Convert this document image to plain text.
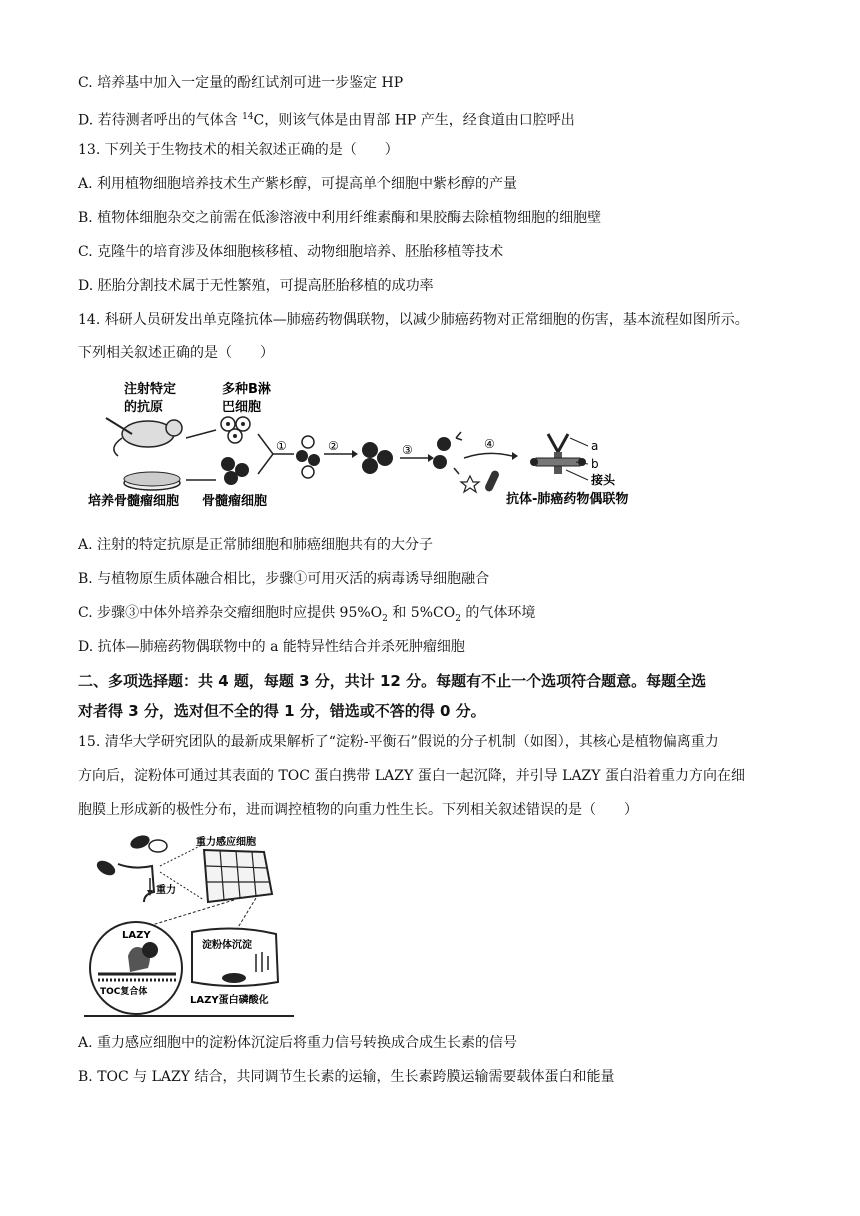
C. 培养基中加入一定量的酚红试剂可进一步鉴定 HP
D. 若待测者呼出的气体含 $^{14}$C，则该气体是由胃部 HP 产生，经食道由口腔呼出
13. 下列关于生物技术的相关叙述正确的是（　　）
A. 利用植物细胞培养技术生产紫杉醇，可提高单个细胞中紫杉醇的产量
B. 植物体细胞杂交之前需在低渗溶液中利用纤维素酶和果胶酶去除植物细胞的细胞壁
C. 克隆牛的培育涉及体细胞核移植、动物细胞培养、胚胎移植等技术
D. 胚胎分割技术属于无性繁殖，可提高胚胎移植的成功率
14. 科研人员研发出单克隆抗体—肺癌药物偶联物，以减少肺癌药物对正常细胞的伤害，基本流程如图所示。
下列相关叙述正确的是（　　）
注射特定
的抗原
多种B淋
巴细胞
①	②	③	④	a
b
接头
培养骨髓瘤细胞 骨髓瘤细胞	抗体-肺癌药物偶联物
A. 注射的特定抗原是正常肺细胞和肺癌细胞共有的大分子
B. 与植物原生质体融合相比，步骤①可用灭活的病毒诱导细胞融合
C. 步骤③中体外培养杂交瘤细胞时应提供 $95\%O_2$ 和 $5\%CO_2$ 的气体环境
D. 抗体—肺癌药物偶联物中的 a 能特异性结合并杀死肿瘤细胞
二、多项选择题：共 4 题，每题 3 分，共计 12 分。每题有不止一个选项符合题意。每题全选
对者得 3 分，选对但不全的得 1 分，错选或不答的得 0 分。
15. 清华大学研究团队的最新成果解析了“淀粉-平衡石”假说的分子机制（如图），其核心是植物偏离重力
方向后，淀粉体可通过其表面的 TOC 蛋白携带 LAZY 蛋白一起沉降，并引导 LAZY 蛋白沿着重力方向在细
胞膜上形成新的极性分布，进而调控植物的向重力性生长。下列相关叙述错误的是（　　）
重力
重力感应细胞
LAZY
TOC复合体
淀粉体沉淀
LAZY蛋白磷酸化
A. 重力感应细胞中的淀粉体沉淀后将重力信号转换成合成生长素的信号
B. TOC 与 LAZY 结合，共同调节生长素的运输，生长素跨膜运输需要载体蛋白和能量
